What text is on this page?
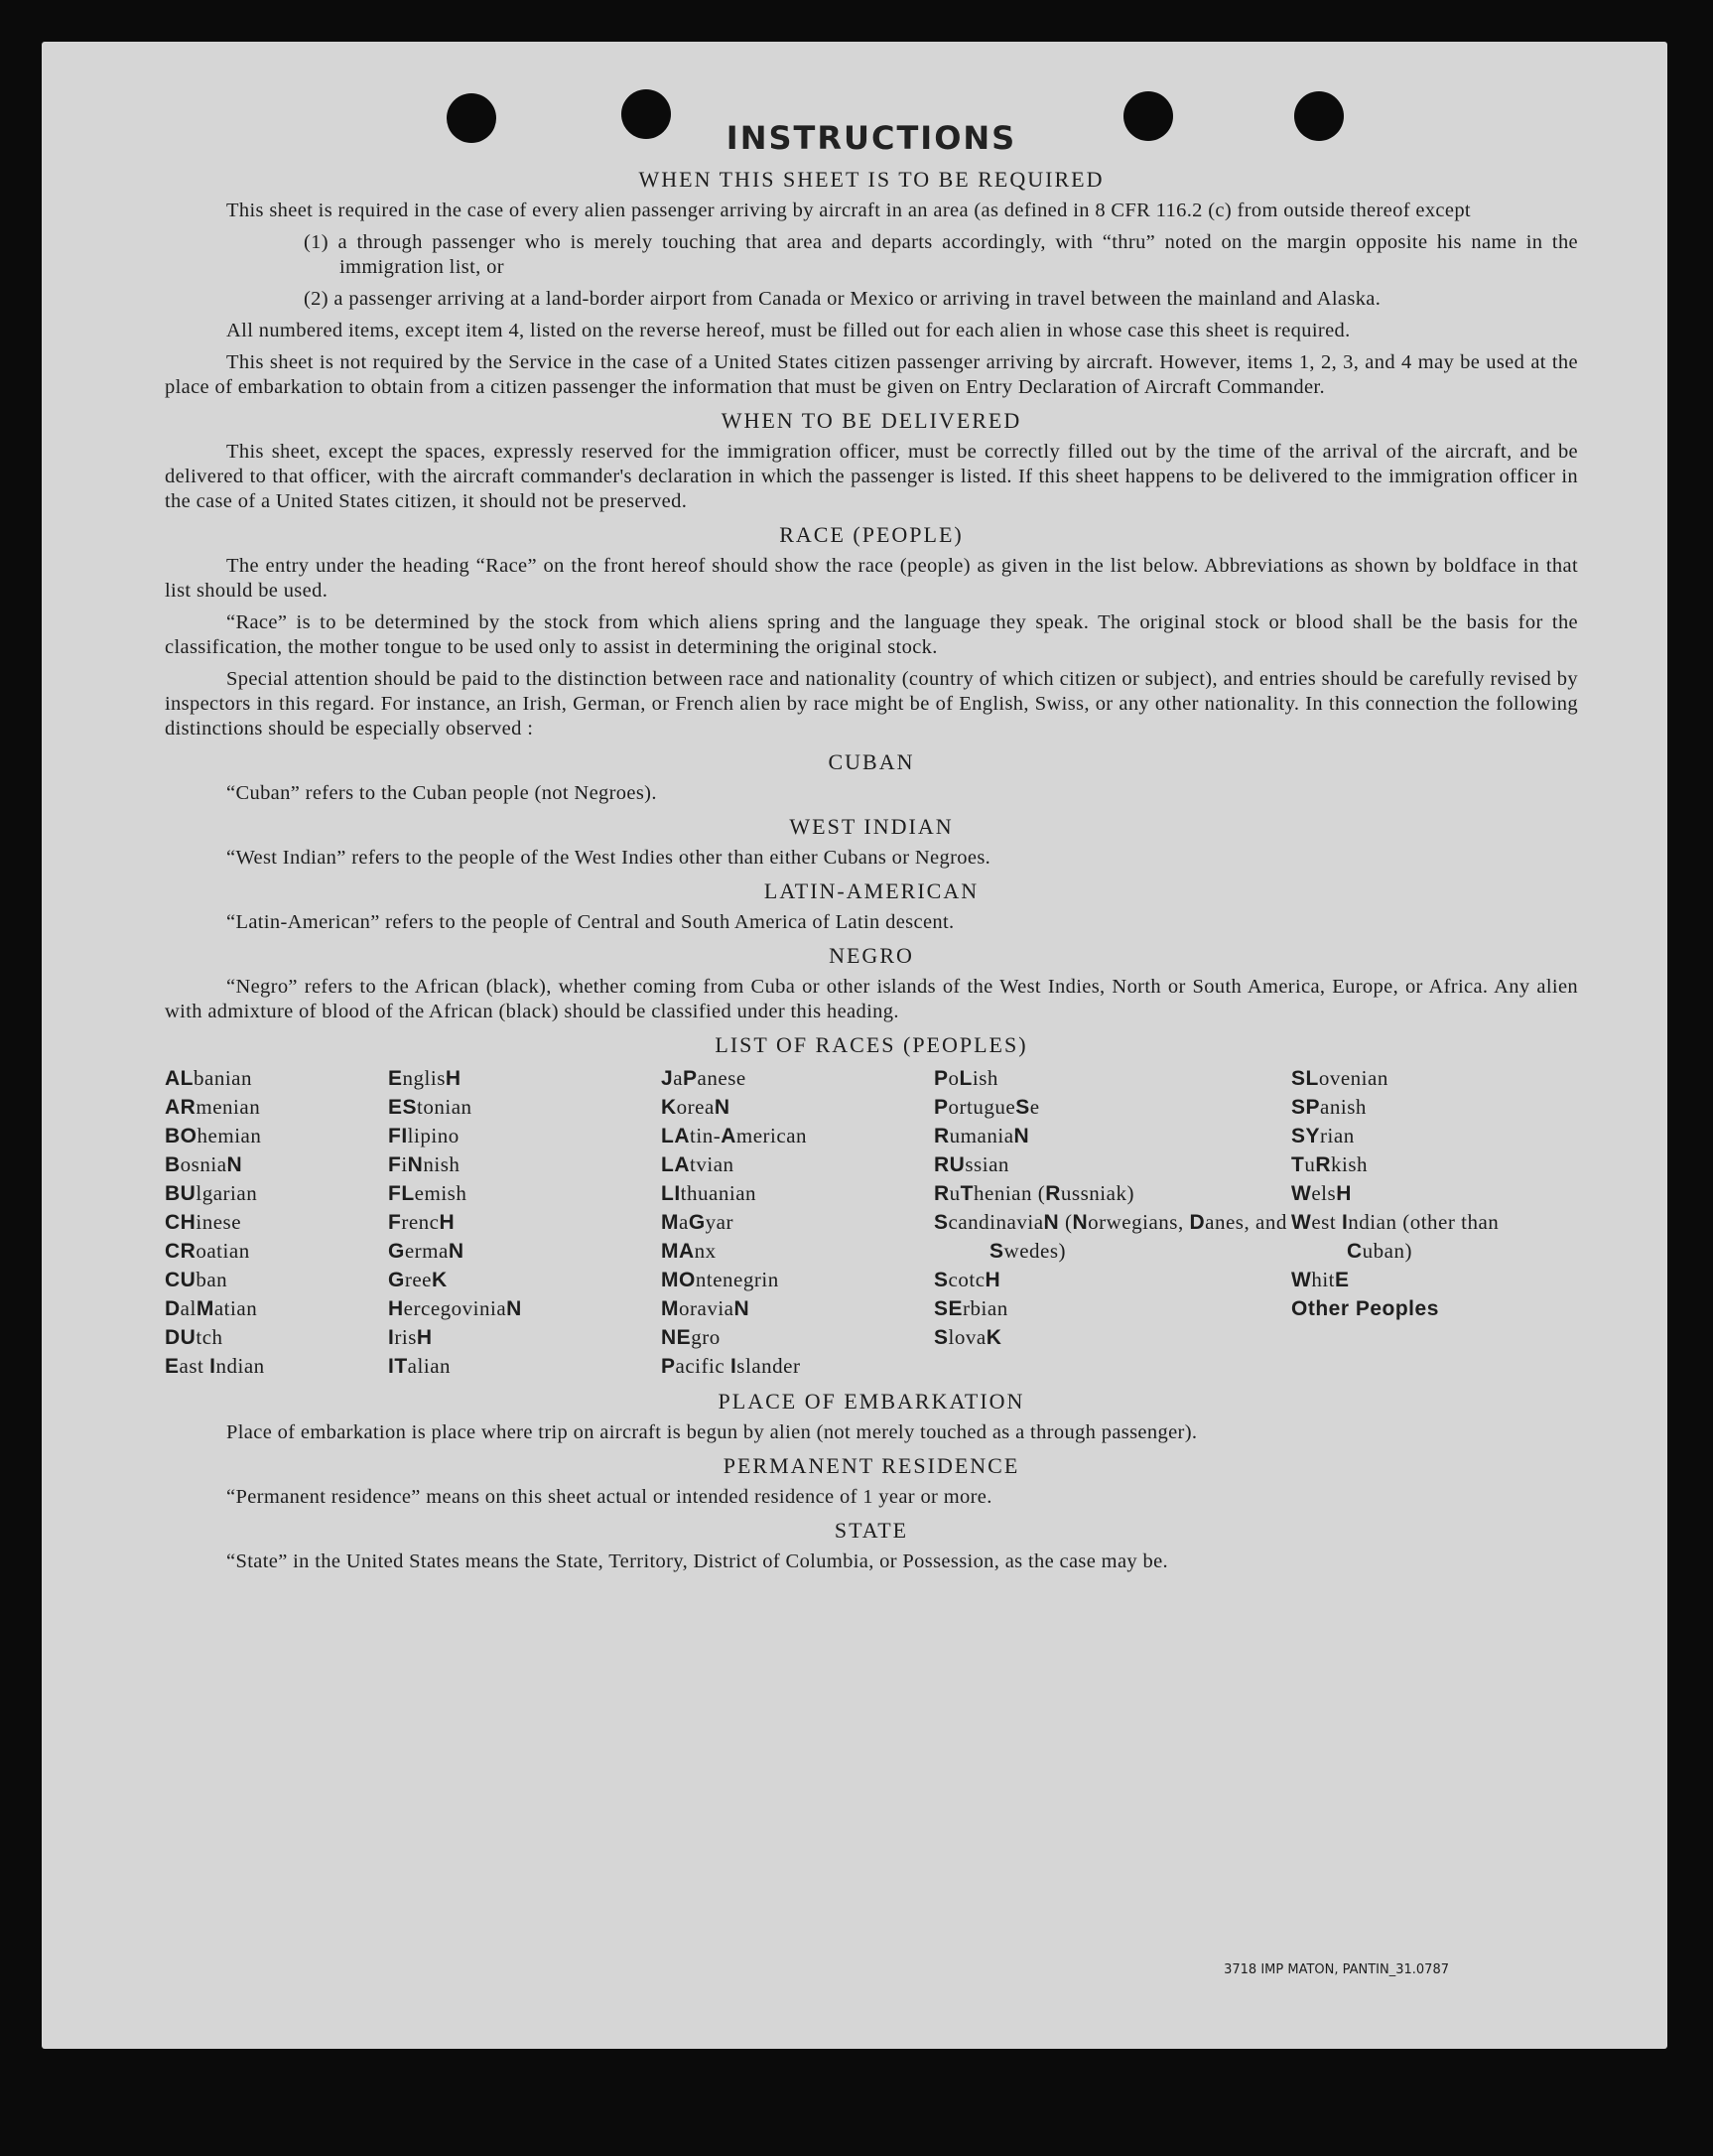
INSTRUCTIONS
WHEN THIS SHEET IS TO BE REQUIRED

This sheet is required in the case of every alien passenger arriving by aircraft in an area (as defined in 8 CFR 116.2 (c) from outside thereof except

(1) a through passenger who is merely touching that area and departs accordingly, with “thru” noted on the margin opposite his name in the immigration list, or

(2) a passenger arriving at a land-border airport from Canada or Mexico or arriving in travel between the mainland and Alaska.

All numbered items, except item 4, listed on the reverse hereof, must be filled out for each alien in whose case this sheet is required.

This sheet is not required by the Service in the case of a United States citizen passenger arriving by aircraft. However, items 1, 2, 3, and 4 may be used at the place of embarkation to obtain from a citizen passenger the information that must be given on Entry Declaration of Aircraft Commander.

WHEN TO BE DELIVERED

This sheet, except the spaces, expressly reserved for the immigration officer, must be correctly filled out by the time of the arrival of the aircraft, and be delivered to that officer, with the aircraft commander's declaration in which the passenger is listed. If this sheet happens to be delivered to the immigration officer in the case of a United States citizen, it should not be preserved.

RACE (PEOPLE)

The entry under the heading “Race” on the front hereof should show the race (people) as given in the list below. Abbreviations as shown by boldface in that list should be used.

“Race” is to be determined by the stock from which aliens spring and the language they speak. The original stock or blood shall be the basis for the classification, the mother tongue to be used only to assist in determining the original stock.

Special attention should be paid to the distinction between race and nationality (country of which citizen or subject), and entries should be carefully revised by inspectors in this regard. For instance, an Irish, German, or French alien by race might be of English, Swiss, or any other nationality. In this connection the following distinctions should be especially observed :

CUBAN

“Cuban” refers to the Cuban people (not Negroes).

WEST INDIAN

“West Indian” refers to the people of the West Indies other than either Cubans or Negroes.

LATIN-AMERICAN

“Latin-American” refers to the people of Central and South America of Latin descent.

NEGRO

“Negro” refers to the African (black), whether coming from Cuba or other islands of the West Indies, North or South America, Europe, or Africa. Any alien with admixture of blood of the African (black) should be classified under this heading.

LIST OF RACES (PEOPLES)
ALbanian
ARmenian
BOhemian
BosniaN
BUlgarian
CHinese
CRoatian
CUban
DalMatian
DUtch
East Indian
EnglisH
EStonian
FIlipino
FiNnish
FLemish
FrencH
GermaN
GreeK
HercegoviniaN
IrisH
ITalian
JaPanese
KoreaN
LAtin-American
LAtvian
LIthuanian
MaGyar
MAnx
MOntenegrin
MoraviaN
NEgro
Pacific Islander
PoLish
PortugueSe
RumaniaN
RUssian
RuThenian (Russniak)
ScandinaviaN (Norwegians, Danes, and Swedes)
ScotcH
SErbian
SlovaK
SLovenian
SPanish
SYrian
TuRkish
WelsH
West Indian (other than Cuban)
WhitE
Other Peoples
PLACE OF EMBARKATION

Place of embarkation is place where trip on aircraft is begun by alien (not merely touched as a through passenger).

PERMANENT RESIDENCE

“Permanent residence” means on this sheet actual or intended residence of 1 year or more.

STATE

“State” in the United States means the State, Territory, District of Columbia, or Possession, as the case may be.

3718 IMP MATON, PANTIN_31.0787
